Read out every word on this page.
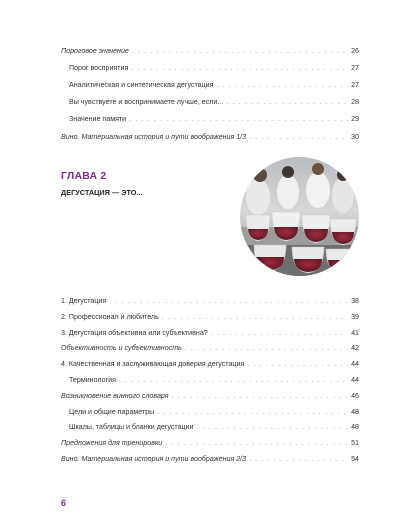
Пороговое значение . . .	26
Порог восприятия . . .	27
Аналитическая и синтетическая дегустация . . .	27
Вы чувствуете и воспринимаете лучше, если... . . .	28
Значение памяти . . .	29
Вино. Материальная история и пути воображения 1/3 . . .	30
ГЛАВА 2
ДЕГУСТАЦИЯ — ЭТО...
1. Дегустация . . .	38
2. Профессионал и любитель . . .	39
3. Дегустация объективна или субъективна? . . .	41
Объективность и субъективность . . .	42
4. Качественная и заслуживающая доверия дегустация . . .	44
Терминология . . .	44
Возникновение винного словаря . . .	46
Цели и общие параметры . . .	48
Шкалы, таблицы и бланки дегустации . . .	48
Предложения для тренировки . . .	51
Вино. Материальная история и пути воображения 2/3 . . .	54
6
